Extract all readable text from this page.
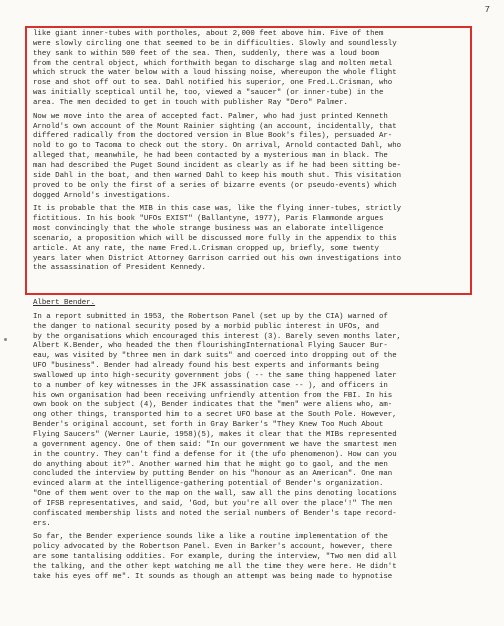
7

like giant inner-tubes with portholes, about 2,000 feet above him. Five of them
were slowly circling one that seemed to be in difficulties. Slowly and soundlessly
they sank to within 500 feet of the sea. Then, suddenly, there was a loud boom
from the central object, which forthwith began to discharge slag and molten metal
which struck the water below with a loud hissing noise, whereupon the whole flight
rose and shot off out to sea. Dahl notified his superior, one Fred.L.Crisman, who
was initially sceptical until he, too, viewed a "saucer" (or inner-tube) in the
area. The men decided to get in touch with publisher Ray "Dero" Palmer.

Now we move into the area of accepted fact. Palmer, who had just printed Kenneth
Arnold's own account of the Mount Rainier sighting (an account, incidentally, that
differed radically from the doctored version in Blue Book's files), persuaded Ar-
nold to go to Tacoma to check out the story. On arrival, Arnold contacted Dahl, who
alleged that, meanwhile, he had been contacted by a mysterious man in black. The
man had described the Puget Sound incident as clearly as if he had been sitting be-
side Dahl in the boat, and then warned Dahl to keep his mouth shut. This visitation
proved to be only the first of a series of bizarre events (or pseudo-events) which
dogged Arnold's investigations.

It is probable that the MIB in this case was, like the flying inner-tubes, strictly
fictitious. In his book "UFOs EXIST" (Ballantyne, 1977), Paris Flammonde argues
most convincingly that the whole strange business was an elaborate intelligence
scenario, a proposition which will be discussed more fully in the appendix to this
article. At any rate, the name Fred.L.Crisman cropped up, briefly, some twenty
years later when District Attorney Garrison carried out his own investigations into
the assassination of President Kennedy.

Albert Bender.

In a report submitted in 1953, the Robertson Panel (set up by the CIA) warned of
the danger to national security posed by a morbid public interest in UFOs, and
by the organisations which encouraged this interest (3). Barely seven months later,
Albert K.Bender, who headed the then flourishingInternational Flying Saucer Bur-
eau, was visited by "three men in dark suits" and coerced into dropping out of the
UFO "business". Bender had already found his best experts and informants being
swallowed up into high-security government jobs ( -- the same thing happened later
to a number of key witnesses in the JFK assassination case -- ), and officers in
his own organisation had been receiving unfriendly attention from the FBI. In his
own book on the subject (4), Bender indicates that the "men" were aliens who, am-
ong other things, transported him to a secret UFO base at the South Pole. However,
Bender's original account, set forth in Gray Barker's "They Knew Too Much About
Flying Saucers" (Werner Laurie, 1958)(5), makes it clear that the MIBs represented
a government agency. One of them said: "In our government we have the smartest men
in the country. They can't find a defense for it (the ufo phenomenon). How can you
do anything about it?". Another warned him that he might go to gaol, and the men
concluded the interview by putting Bender on his "honour as an American". One man
evinced alarm at the intelligence-gathering potential of Bender's organization.
"One of them went over to the map on the wall, saw all the pins denoting locations
of IFSB representatives, and said, 'God, but you're all over the place'!" The men
confiscated membership lists and noted the serial numbers of Bender's tape record-
ers.

So far, the Bender experience sounds like a like a routine implementation of the
policy advocated by the Robertson Panel. Even in Barker's account, however, there
are some tantalising oddities. For example, during the interview, "Two men did all
the talking, and the other kept watching me all the time they were here. He didn't
take his eyes off me". It sounds as though an attempt was being made to hypnotise
